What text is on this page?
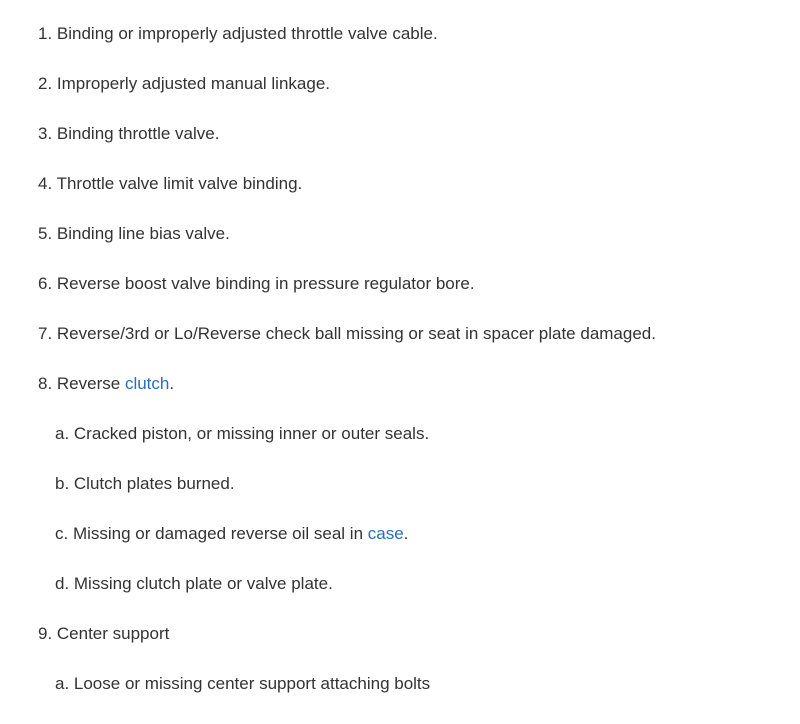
1. Binding or improperly adjusted throttle valve cable.
2. Improperly adjusted manual linkage.
3. Binding throttle valve.
4. Throttle valve limit valve binding.
5. Binding line bias valve.
6. Reverse boost valve binding in pressure regulator bore.
7. Reverse/3rd or Lo/Reverse check ball missing or seat in spacer plate damaged.
8. Reverse clutch.
a. Cracked piston, or missing inner or outer seals.
b. Clutch plates burned.
c. Missing or damaged reverse oil seal in case.
d. Missing clutch plate or valve plate.
9. Center support
a. Loose or missing center support attaching bolts
